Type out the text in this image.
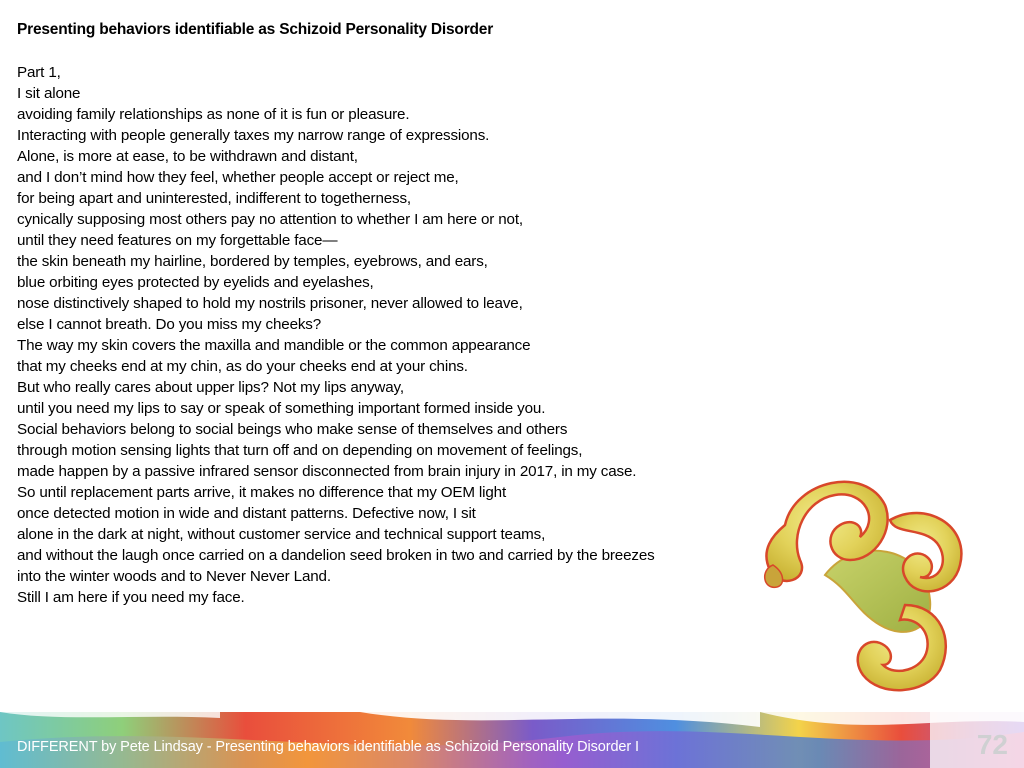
Presenting behaviors identifiable as Schizoid Personality Disorder
Part 1,
I sit alone
avoiding family relationships as none of it is fun or pleasure.
Interacting with people generally taxes my narrow range of expressions.
Alone, is more at ease, to be withdrawn and distant,
and I don’t mind how they feel, whether people accept or reject me,
for being apart and uninterested, indifferent to togetherness,
cynically supposing most others pay no attention to whether I am here or not,
until they need features on my forgettable face—
the skin beneath my hairline, bordered by temples, eyebrows, and ears,
blue orbiting eyes protected by eyelids and eyelashes,
nose distinctively shaped to hold my nostrils prisoner, never allowed to leave,
else I cannot breath. Do you miss my cheeks?
The way my skin covers the maxilla and mandible or the common appearance
that my cheeks end at my chin, as do your cheeks end at your chins.
But who really cares about upper lips? Not my lips anyway,
until you need my lips to say or speak of something important formed inside you.
Social behaviors belong to social beings who make sense of themselves and others
through motion sensing lights that turn off and on depending on movement of feelings,
made happen by a passive infrared sensor disconnected from brain injury in 2017, in my case.
So until replacement parts arrive, it makes no difference that my OEM light
once detected motion in wide and distant patterns. Defective now, I sit
alone in the dark at night, without customer service and technical support teams,
and without the laugh once carried on a dandelion seed broken in two and carried by the breezes
into the winter woods and to Never Never Land.
Still I am here if you need my face.
DIFFERENT by Pete Lindsay - Presenting behaviors identifiable as Schizoid Personality Disorder I	72
